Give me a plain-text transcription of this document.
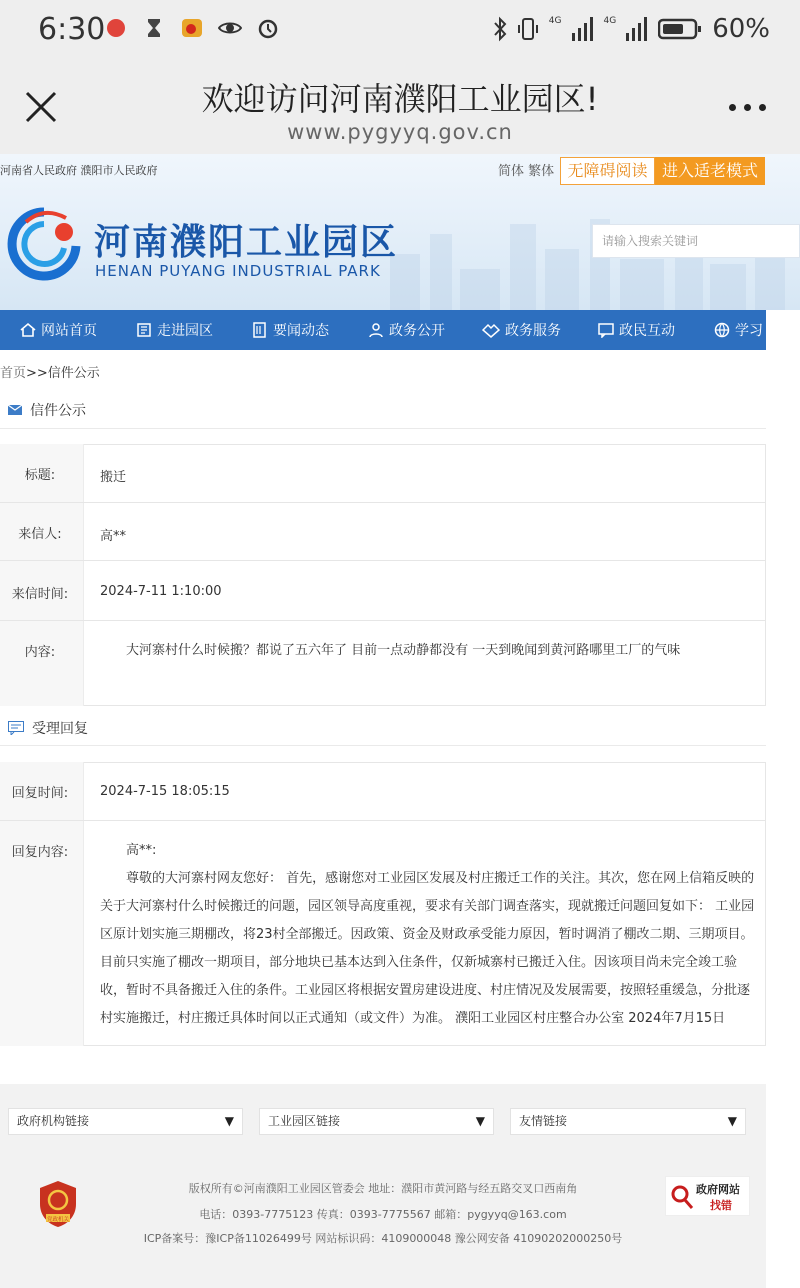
6:30	4G	4G	60%
欢迎访问河南濮阳工业园区!
www.pygyyq.gov.cn
河南省人民政府 濮阳市人民政府	简体 繁体 无障碍阅读 进入适老模式
河南濮阳工业园区
HENAN PUYANG INDUSTRIAL PARK
请输入搜索关键词
网站首页	走进园区	要闻动态	政务公开	政务服务	政民互动	学习
首页>>信件公示
信件公示
标题:	搬迁
来信人:	高**
来信时间:	2024-7-11 1:10:00
内容:	大河寨村什么时候搬？都说了五六年了 目前一点动静都没有 一天到晚闻到黄河路哪里工厂的气味
受理回复
回复时间:	2024-7-15 18:05:15
回复内容:	高**:
尊敬的大河寨村网友您好： 首先，感谢您对工业园区发展及村庄搬迁工作的关注。其次，您在网上信箱反映的关于大河寨村什么时候搬迁的问题，园区领导高度重视，要求有关部门调查落实，现就搬迁问题回复如下： 工业园区原计划实施三期棚改，将23村全部搬迁。因政策、资金及财政承受能力原因，暂时调消了棚改二期、三期项目。目前只实施了棚改一期项目，部分地块已基本达到入住条件，仅新城寨村已搬迁入住。因该项目尚未完全竣工验收，暂时不具备搬迁入住的条件。工业园区将根据安置房建设进度、村庄情况及发展需要，按照轻重缓急，分批逐村实施搬迁，村庄搬迁具体时间以正式通知（或文件）为准。 濮阳工业园区村庄整合办公室 2024年7月15日
政府机构链接	▼	工业园区链接	▼	友情链接	▼
党政机关
版权所有©河南濮阳工业园区管委会 地址：濮阳市黄河路与经五路交叉口西南角
电话：0393-7775123 传真：0393-7775567 邮箱：pygyyq@163.com
ICP备案号：豫ICP备11026499号 网站标识码：4109000048 豫公网安备 41090202000250号
政府网站
找错
